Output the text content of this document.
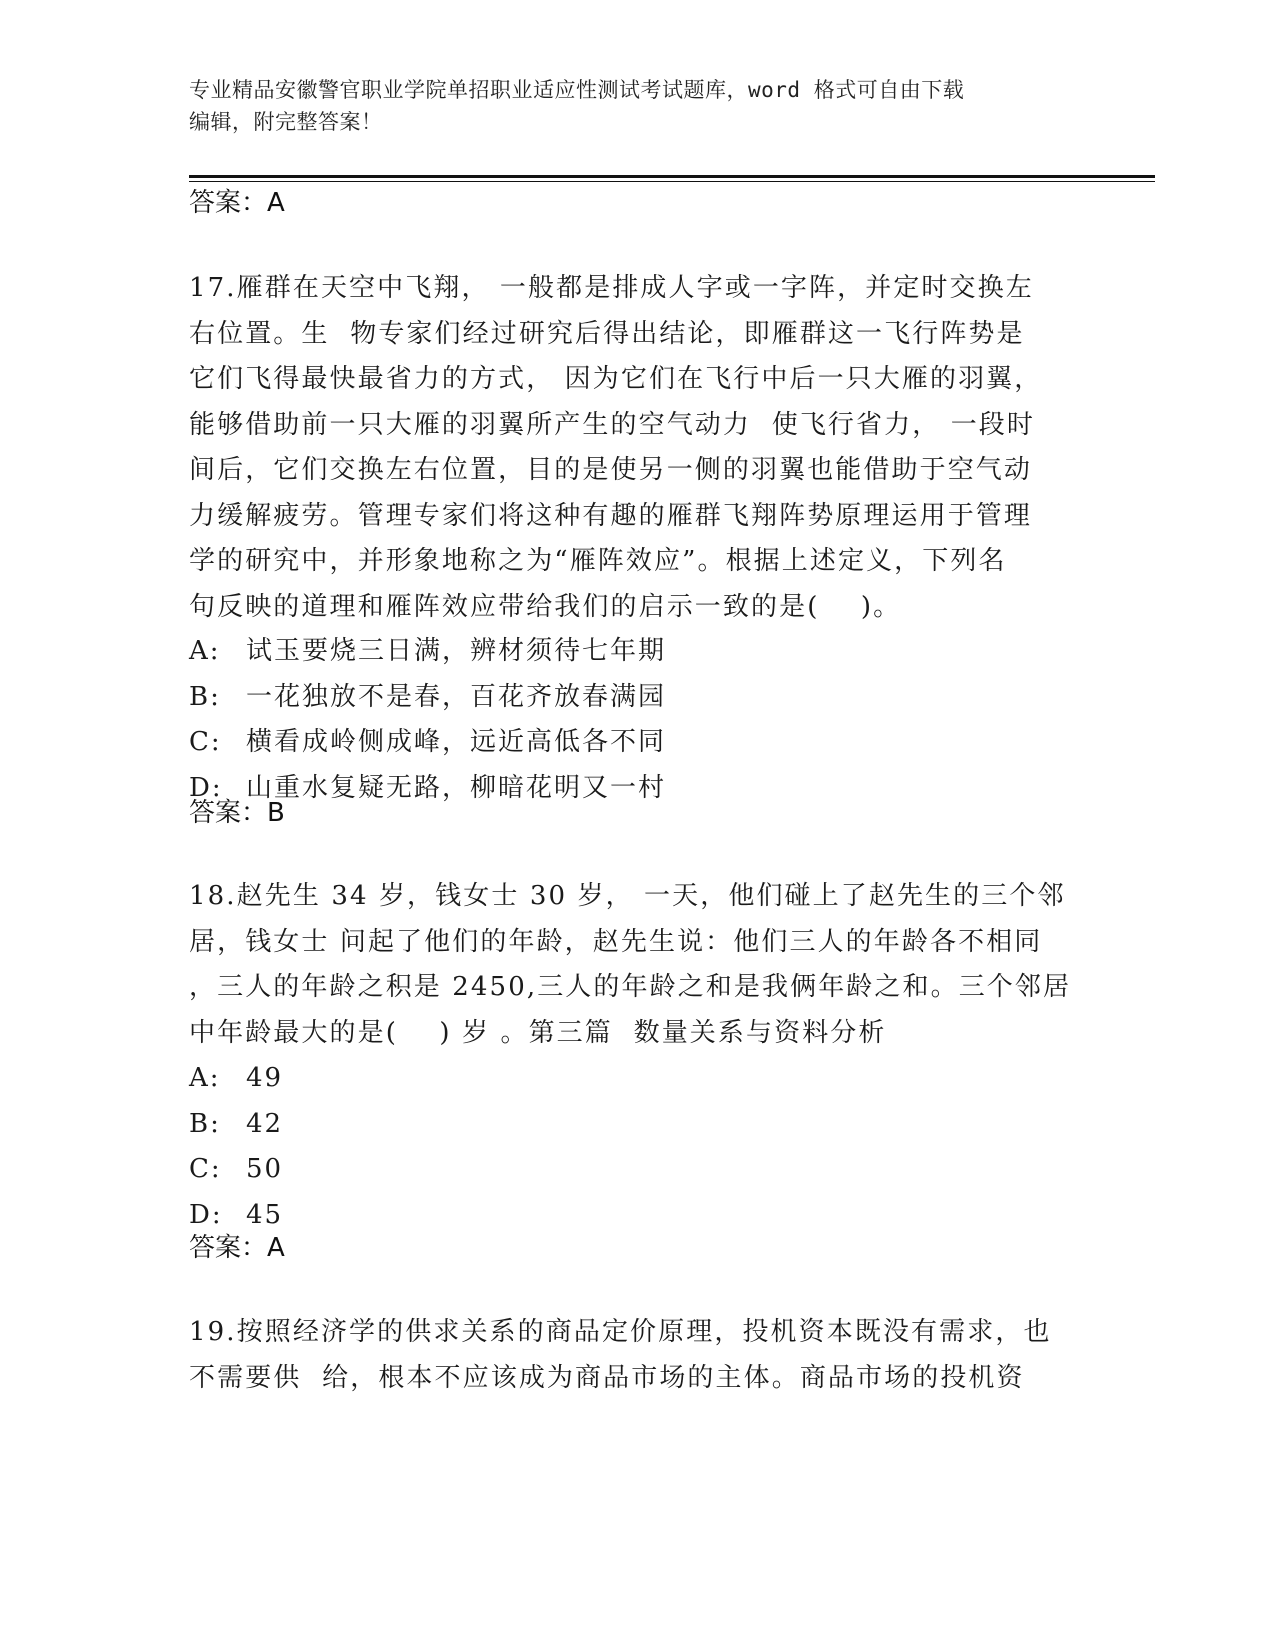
专业精品安徽警官职业学院单招职业适应性测试考试题库，word 格式可自由下载
编辑，附完整答案！
答案：A
17.雁群在天空中飞翔， 一般都是排成人字或一字阵，并定时交换左
右位置。生  物专家们经过研究后得出结论，即雁群这一飞行阵势是
它们飞得最快最省力的方式， 因为它们在飞行中后一只大雁的羽翼，
能够借助前一只大雁的羽翼所产生的空气动力  使飞行省力， 一段时
间后，它们交换左右位置，目的是使另一侧的羽翼也能借助于空气动
力缓解疲劳。管理专家们将这种有趣的雁群飞翔阵势原理运用于管理
学的研究中，并形象地称之为“雁阵效应”。根据上述定义，下列名
句反映的道理和雁阵效应带给我们的启示一致的是(    )。
A: 试玉要烧三日满，辨材须待七年期
B: 一花独放不是春，百花齐放春满园
C: 横看成岭侧成峰，远近高低各不同
D: 山重水复疑无路，柳暗花明又一村
答案：B
18.赵先生 34 岁，钱女士 30 岁， 一天，他们碰上了赵先生的三个邻
居，钱女士 问起了他们的年龄，赵先生说：他们三人的年龄各不相同
，三人的年龄之积是 2450,三人的年龄之和是我俩年龄之和。三个邻居
中年龄最大的是(    ) 岁 。第三篇  数量关系与资料分析
A: 49
B: 42
C: 50
D: 45
答案：A
19.按照经济学的供求关系的商品定价原理，投机资本既没有需求，也
不需要供  给，根本不应该成为商品市场的主体。商品市场的投机资
